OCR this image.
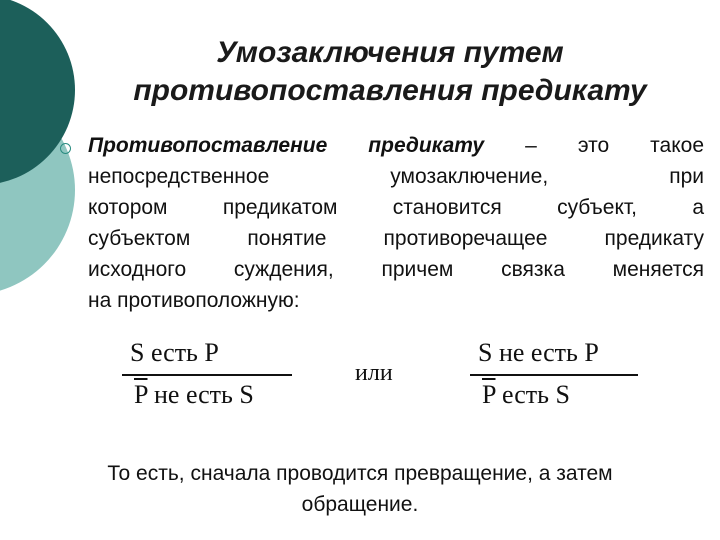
Умозаключения путем
противопоставления предикату
Противопоставление предикату – это такое
непосредственное умозаключение, при
котором предикатом становится субъект, а
субъектом понятие противоречащее предикату
исходного суждения, причем связка меняется
на противоположную:
S есть P
$\overline{P}$ не есть S
или
S не есть P
$\overline{P}$ есть S
То есть, сначала проводится превращение, а затем
обращение.
